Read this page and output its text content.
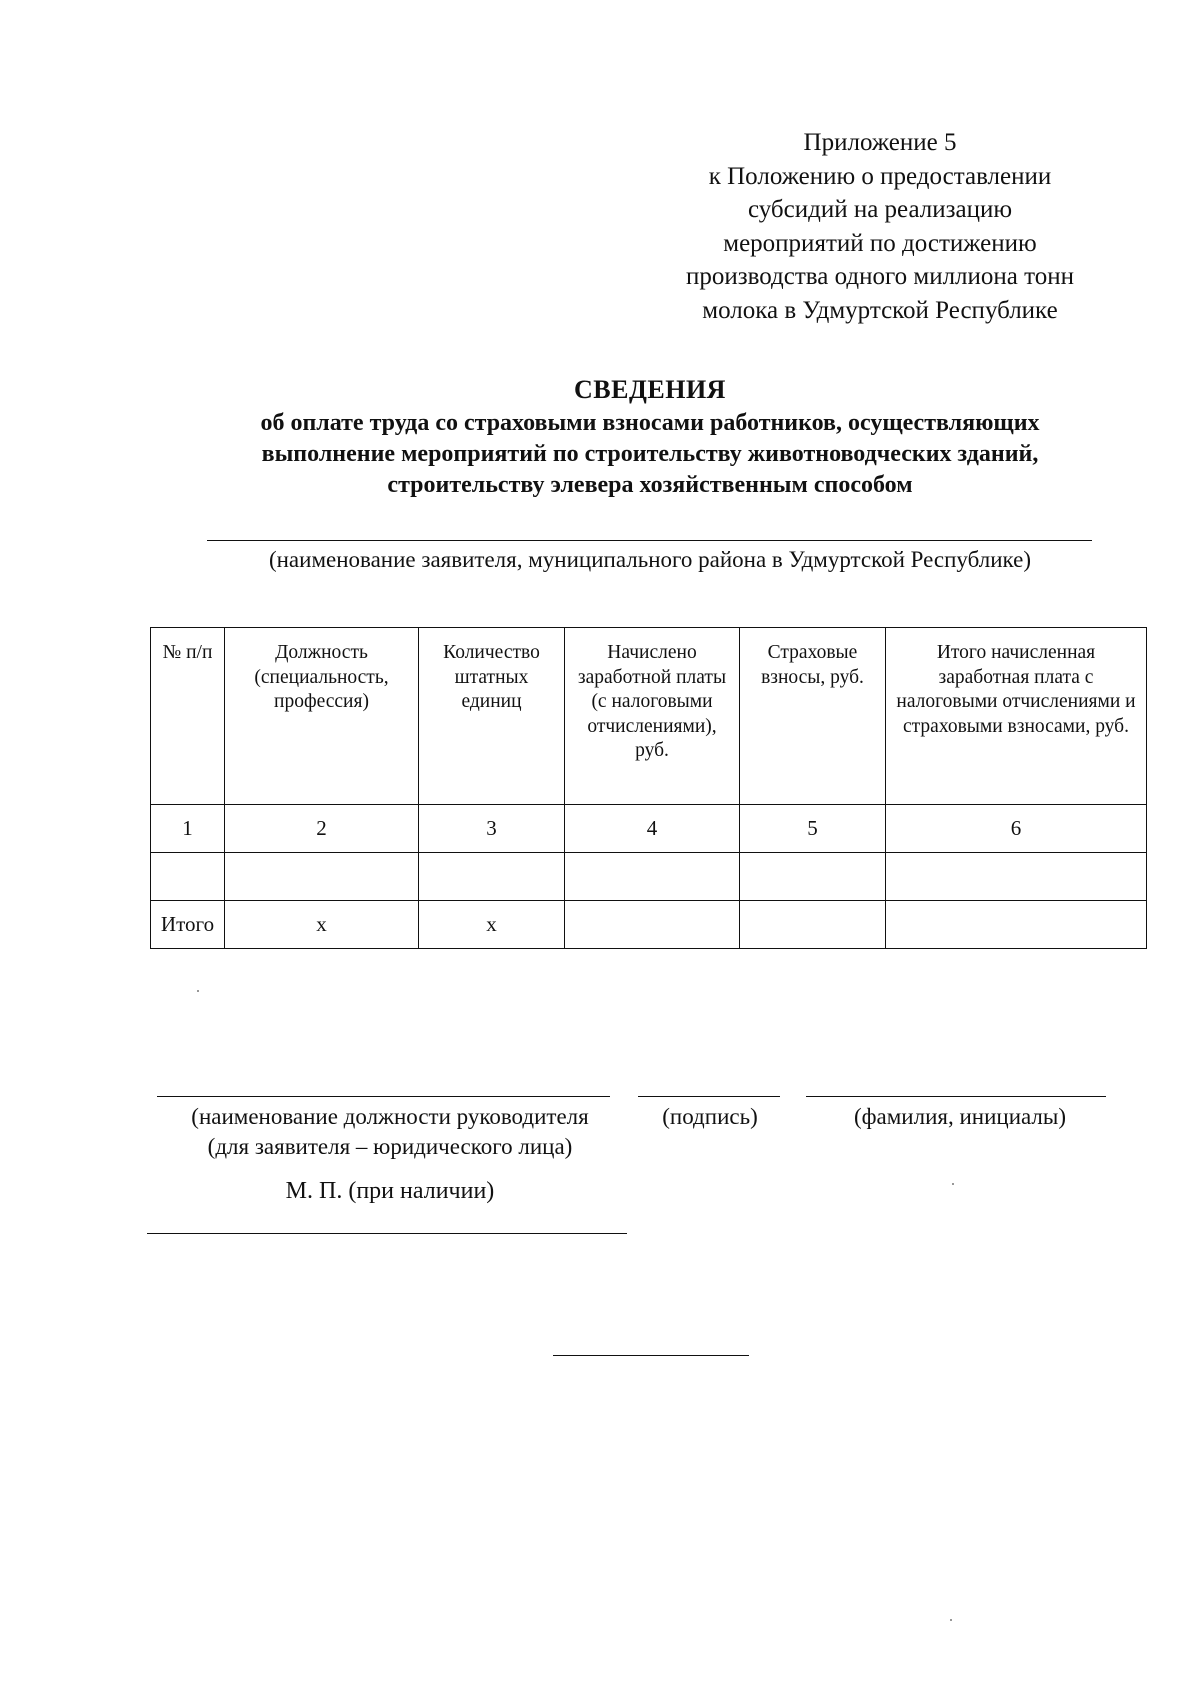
Приложение 5
к Положению о предоставлении
субсидий на реализацию
мероприятий по достижению
производства одного миллиона тонн
молока в Удмуртской Республике
СВЕДЕНИЯ
об оплате труда со страховыми взносами работников, осуществляющих
выполнение мероприятий по строительству животноводческих зданий,
строительству элевера хозяйственным способом
(наименование заявителя, муниципального района в Удмуртской Республике)
№ п/п	Должность (специальность, профессия)	Количество штатных единиц	Начислено заработной платы (с налоговыми отчислениями), руб.	Страховые взносы, руб.	Итого начисленная заработная плата с налоговыми отчислениями и страховыми взносами, руб.
1	2	3	4	5	6

Итого	х	х			
(наименование должности руководителя
(для заявителя – юридического лица)
(подпись)	(фамилия, инициалы)
М. П. (при наличии)
